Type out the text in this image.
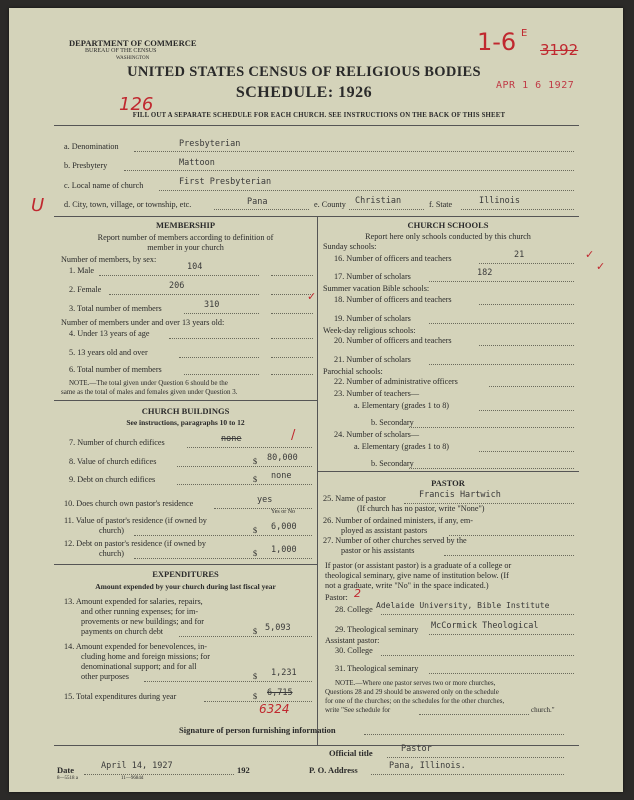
DEPARTMENT OF COMMERCE
BUREAU OF THE CENSUS
WASHINGTON
UNITED STATES CENSUS OF RELIGIOUS BODIES
SCHEDULE: 1926
FILL OUT A SEPARATE SCHEDULE FOR EACH CHURCH. SEE INSTRUCTIONS ON THE BACK OF THIS SHEET
APR 1 6 1927
1-6 E
3192
126
U
a. Denomination	Presbyterian
b. Presbytery	Mattoon
c. Local name of church	First Presbyterian
d. City, town, village, or township, etc.	Pana	e. County Christian	f. State	Illinois
MEMBERSHIP
Report number of members according to definition of
member in your church
Number of members, by sex:
1. Male	104
2. Female	206
3. Total number of members	310
Number of members under and over 13 years old:
4. Under 13 years of age
5. 13 years old and over
6. Total number of members
NOTE.—The total given under Question 6 should be the
same as the total of males and females given under Question 3.
CHURCH BUILDINGS
See instructions, paragraphs 10 to 12
7. Number of church edifices	none	/
8. Value of church edifices	$ 80,000
9. Debt on church edifices	$ none
10. Does church own pastor's residence	yes
Yes or No
11. Value of pastor's residence (if owned by
church)	$ 6,000
12. Debt on pastor's residence (if owned by
church)	$ 1,000
EXPENDITURES
Amount expended by your church during last fiscal year
13. Amount expended for salaries, repairs,
and other running expenses; for im-
provements or new buildings; and for
payments on church debt	$ 5,093
14. Amount expended for benevolences, in-
cluding home and foreign missions; for
denominational support; and for all
other purposes	$ 1,231
15. Total expenditures during year	$ 6,715
6324
CHURCH SCHOOLS
Report here only schools conducted by this church
Sunday schools:
16. Number of officers and teachers	21	✓
17. Number of scholars	182	✓
Summer vacation Bible schools:
18. Number of officers and teachers
✓
19. Number of scholars
Week-day religious schools:
20. Number of officers and teachers
21. Number of scholars
Parochial schools:
22. Number of administrative officers
23. Number of teachers—
a. Elementary (grades 1 to 8)
b. Secondary
24. Number of scholars—
a. Elementary (grades 1 to 8)
b. Secondary
PASTOR
25. Name of pastor	Francis Hartwich
(If church has no pastor, write "None")
26. Number of ordained ministers, if any, em-
ployed as assistant pastors
27. Number of other churches served by the
pastor or his assistants
If pastor (or assistant pastor) is a graduate of a college or
theological seminary, give name of institution below. (If
not a graduate, write "No" in the space indicated.)
Pastor: 2
28. College Adelaide University, Bible Institute
29. Theological seminary McCormick Theological
Assistant pastor:
30. College
31. Theological seminary
NOTE.—Where one pastor serves two or more churches,
Questions 28 and 29 should be answered only on the schedule
for one of the churches; on the schedules for the other churches,
write "See schedule for	church."
Signature of person furnishing information
Official title	Pastor
Date	April 14, 1927	192	P. O. Address	Pana, Illinois.
8—5518 a	11—9684d
